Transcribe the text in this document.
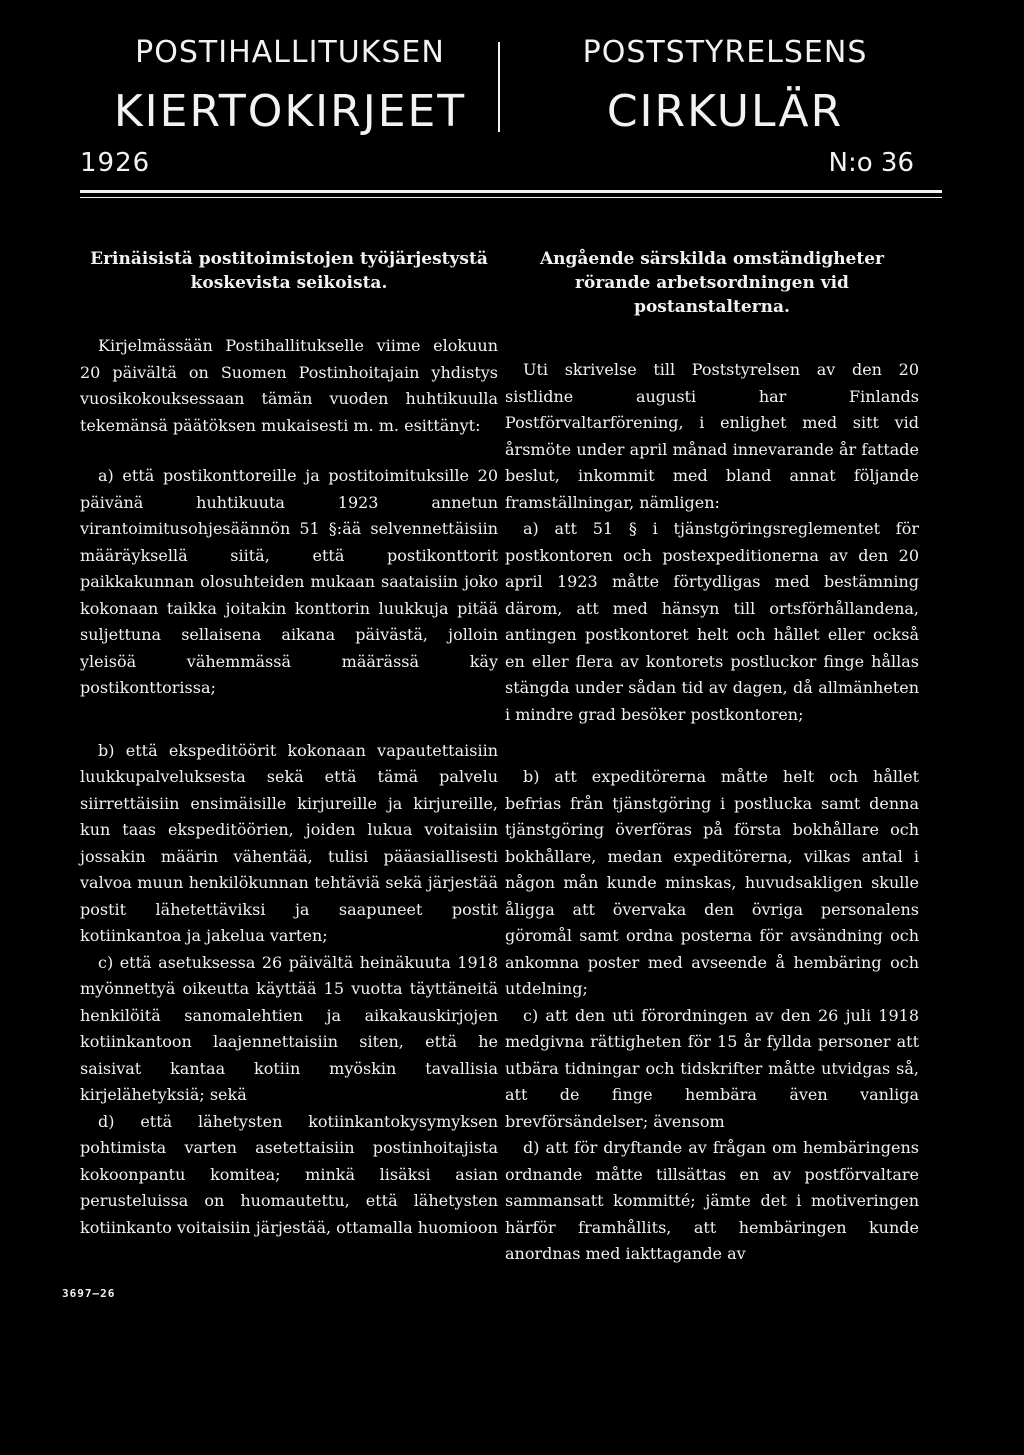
POSTIHALLITUKSEN
KIERTOKIRJEET
POSTSTYRELSENS
CIRKULÄR
1926	N:o 36

Erinäisistä postitoimistojen työjärjestystä koskevista seikoista.

Kirjelmässään Postihallitukselle viime elokuun 20 päivältä on Suomen Postinhoitajain yhdistys vuosikokouksessaan tämän vuoden huhtikuulla tekemänsä päätöksen mukaisesti m. m. esittänyt:

a) että postikonttoreille ja postitoimituksille 20 päivänä huhtikuuta 1923 annetun virantoimitusohjesäännön 51 §:ää selvennettäisiin määräyksellä siitä, että postikonttorit paikkakunnan olosuhteiden mukaan saataisiin joko kokonaan taikka joitakin konttorin luukkuja pitää suljettuna sellaisena aikana päivästä, jolloin yleisöä vähemmässä määrässä käy postikonttorissa;

b) että ekspeditöörit kokonaan vapautettaisiin luukkupalveluksesta sekä että tämä palvelu siirrettäisiin ensimäisille kirjureille ja kirjureille, kun taas ekspeditöörien, joiden lukua voitaisiin jossakin määrin vähentää, tulisi pääasiallisesti valvoa muun henkilökunnan tehtäviä sekä järjestää postit lähetettäviksi ja saapuneet postit kotiinkantoa ja jakelua varten;

c) että asetuksessa 26 päivältä heinäkuuta 1918 myönnettyä oikeutta käyttää 15 vuotta täyttäneitä henkilöitä sanomalehtien ja aikakauskirjojen kotiinkantoon laajennettaisiin siten, että he saisivat kantaa kotiin myöskin tavallisia kirjelähetyksiä; sekä

d) että lähetysten kotiinkantokysymyksen pohtimista varten asetettaisiin postinhoitajista kokoonpantu komitea; minkä lisäksi asian perusteluissa on huomautettu, että lähetysten kotiinkanto voitaisiin järjestää, ottamalla huomioon

Angående särskilda omständigheter rörande arbetsordningen vid postanstalterna.

Uti skrivelse till Poststyrelsen av den 20 sistlidne augusti har Finlands Postförvaltarförening, i enlighet med sitt vid årsmöte under april månad innevarande år fattade beslut, inkommit med bland annat följande framställningar, nämligen:

a) att 51 § i tjänstgöringsreglementet för postkontoren och postexpeditionerna av den 20 april 1923 måtte förtydligas med bestämning därom, att med hänsyn till ortsförhållandena, antingen postkontoret helt och hållet eller också en eller flera av kontorets postluckor finge hållas stängda under sådan tid av dagen, då allmänheten i mindre grad besöker postkontoren;

b) att expeditörerna måtte helt och hållet befrias från tjänstgöring i postlucka samt denna tjänstgöring överföras på första bokhållare och bokhållare, medan expeditörerna, vilkas antal i någon mån kunde minskas, huvudsakligen skulle åligga att övervaka den övriga personalens göromål samt ordna posterna för avsändning och ankomna poster med avseende å hembäring och utdelning;

c) att den uti förordningen av den 26 juli 1918 medgivna rättigheten för 15 år fyllda personer att utbära tidningar och tidskrifter måtte utvidgas så, att de finge hembära även vanliga brevförsändelser; ävensom

d) att för dryftande av frågan om hembäringens ordnande måtte tillsättas en av postförvaltare sammansatt kommitté; jämte det i motiveringen härför framhållits, att hembäringen kunde anordnas med iakttagande av

3697—26
